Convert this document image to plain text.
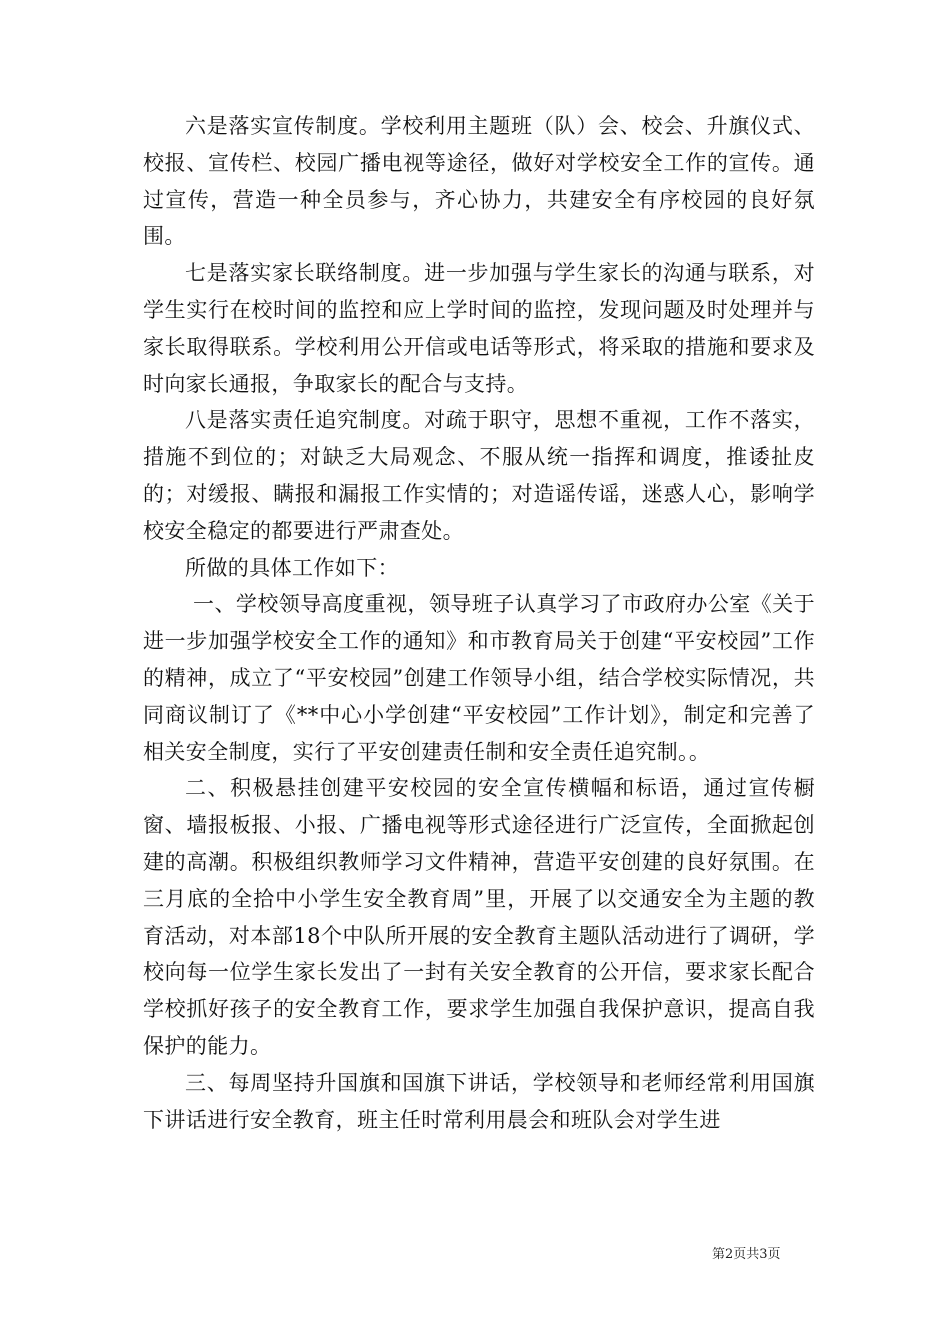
六是落实宣传制度。学校利用主题班（队）会、校会、升旗仪式、校报、宣传栏、校园广播电视等途径，做好对学校安全工作的宣传。通过宣传，营造一种全员参与，齐心协力，共建安全有序校园的良好氛围。

七是落实家长联络制度。进一步加强与学生家长的沟通与联系，对学生实行在校时间的监控和应上学时间的监控，发现问题及时处理并与家长取得联系。学校利用公开信或电话等形式，将采取的措施和要求及时向家长通报，争取家长的配合与支持。

八是落实责任追究制度。对疏于职守，思想不重视，工作不落实，措施不到位的；对缺乏大局观念、不服从统一指挥和调度，推诿扯皮的；对缓报、瞒报和漏报工作实情的；对造谣传谣，迷惑人心，影响学校安全稳定的都要进行严肃查处。

所做的具体工作如下：

一、学校领导高度重视，领导班子认真学习了市政府办公室《关于进一步加强学校安全工作的通知》和市教育局关于创建“平安校园”工作的精神，成立了“平安校园”创建工作领导小组，结合学校实际情况，共同商议制订了《**中心小学创建“平安校园”工作计划》，制定和完善了相关安全制度，实行了平安创建责任制和安全责任追究制。。

二、积极悬挂创建平安校园的安全宣传横幅和标语，通过宣传橱窗、墙报板报、小报、广播电视等形式途径进行广泛宣传，全面掀起创建的高潮。积极组织教师学习文件精神，营造平安创建的良好氛围。在三月底的全拾中小学生安全教育周”里，开展了以交通安全为主题的教育活动，对本部18个中队所开展的安全教育主题队活动进行了调研，学校向每一位学生家长发出了一封有关安全教育的公开信，要求家长配合学校抓好孩子的安全教育工作，要求学生加强自我保护意识，提高自我保护的能力。

三、每周坚持升国旗和国旗下讲话，学校领导和老师经常利用国旗下讲话进行安全教育，班主任时常利用晨会和班队会对学生进

第2页共3页
